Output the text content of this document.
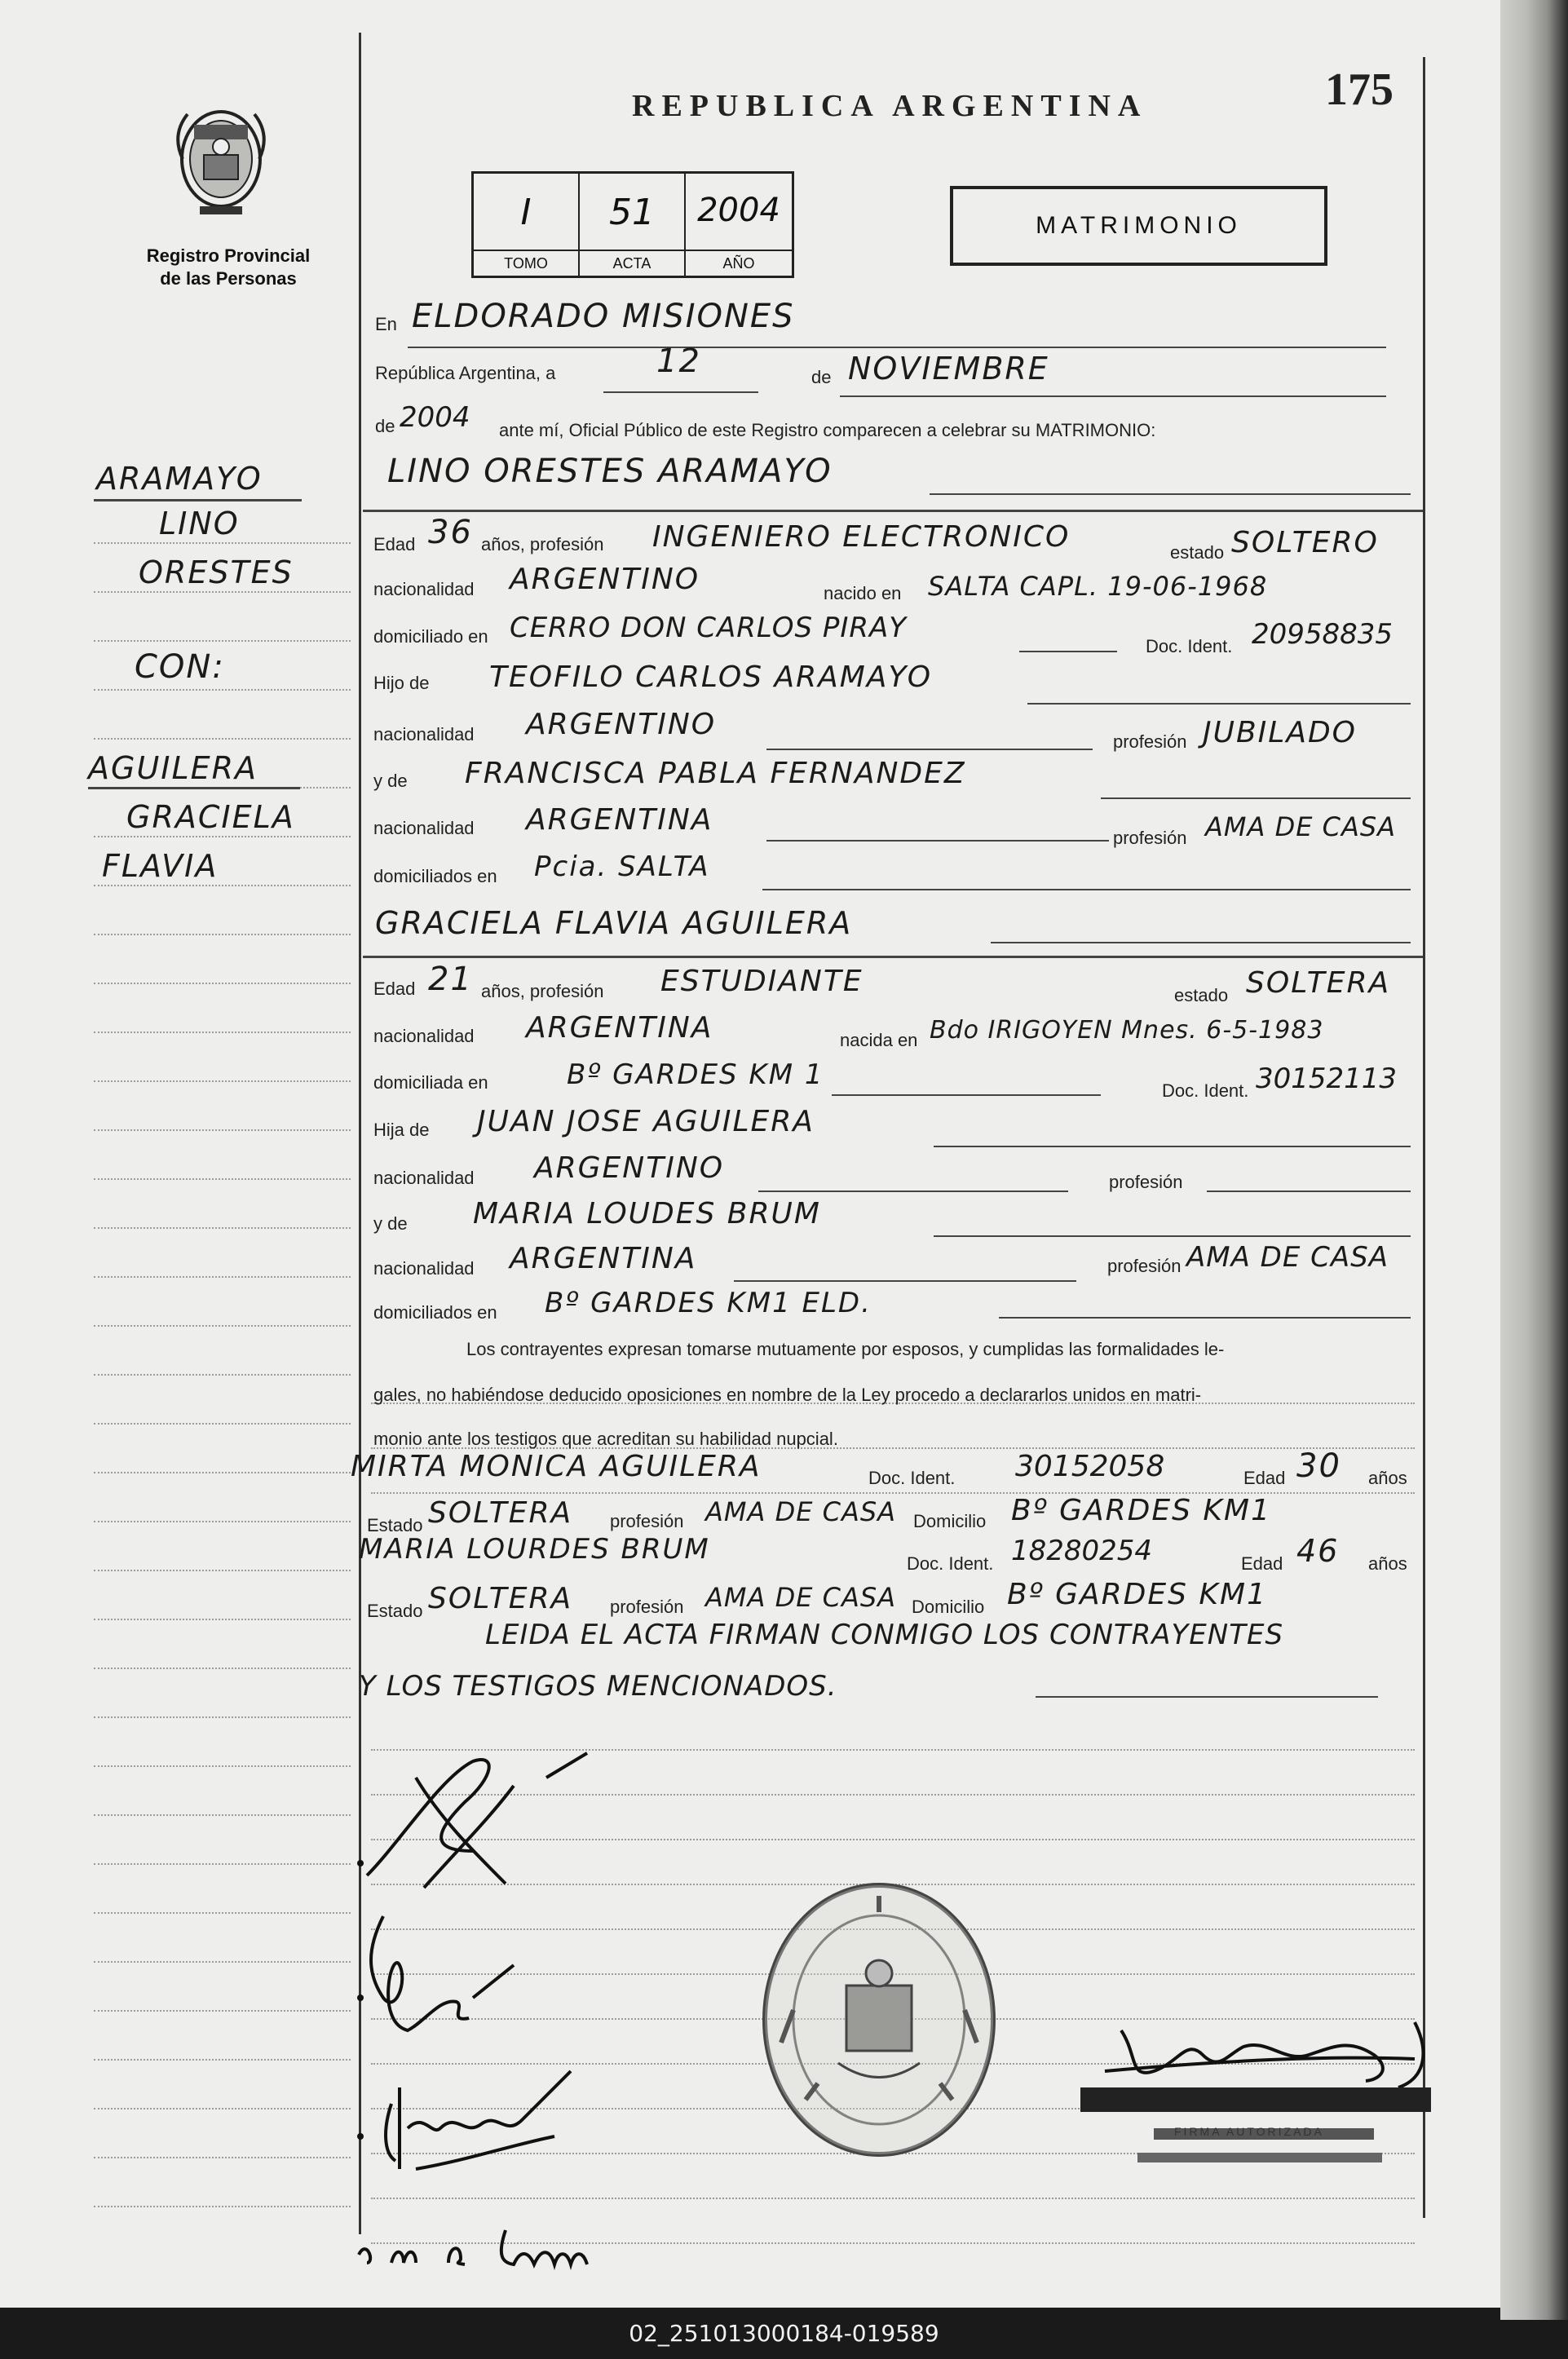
175
REPUBLICA ARGENTINA
Registro Provincial
de las Personas
I
TOMO
51
ACTA
2004
AÑO
MATRIMONIO
ARAMAYO
LINO
ORESTES
CON:
AGUILERA
GRACIELA
FLAVIA
En ELDORADO MISIONES
República Argentina, a	12	de NOVIEMBRE
de 2004 ante mí, Oficial Público de este Registro comparecen a celebrar su MATRIMONIO:
LINO ORESTES ARAMAYO
Edad 36 años, profesión INGENIERO ELECTRONICO	estado SOLTERO
nacionalidad ARGENTINO	nacido en SALTA CAPL. 19-06-1968
domiciliado en CERRO DON CARLOS PIRAY
Doc. Ident. 20958835
Hijo de TEOFILO CARLOS ARAMAYO
nacionalidad ARGENTINO
profesión JUBILADO
y de FRANCISCA PABLA FERNANDEZ
nacionalidad ARGENTINA
profesión AMA DE CASA
domiciliados en Pcia. SALTA
GRACIELA FLAVIA AGUILERA
Edad 21 años, profesión ESTUDIANTE	estado SOLTERA
nacionalidad ARGENTINA	nacida en Bdo IRIGOYEN Mnes. 6-5-1983
domiciliada en	Bº GARDES KM 1	Doc. Ident. 30152113
Hija de JUAN JOSE AGUILERA
nacionalidad ARGENTINO	profesión
y de MARIA LOUDES BRUM
nacionalidad ARGENTINA	profesión AMA DE CASA
domiciliados en Bº GARDES KM1 ELD.
Los contrayentes expresan tomarse mutuamente por esposos, y cumplidas las formalidades le-
gales, no habiéndose deducido oposiciones en nombre de la Ley procedo a declararlos unidos en matri-
monio ante los testigos que acreditan su habilidad nupcial.
MIRTA MONICA AGUILERA	Doc. Ident. 30152058	Edad 30 años
Estado SOLTERA profesión AMA DE CASA Domicilio Bº GARDES KM1
MARIA LOURDES BRUM	Doc. Ident. 18280254	Edad 46 años
Estado SOLTERA profesión AMA DE CASA Domicilio Bº GARDES KM1
LEIDA EL ACTA FIRMAN CONMIGO LOS CONTRAYENTES
Y LOS TESTIGOS MENCIONADOS.
FIRMA AUTORIZADA
02_251013000184-019589
